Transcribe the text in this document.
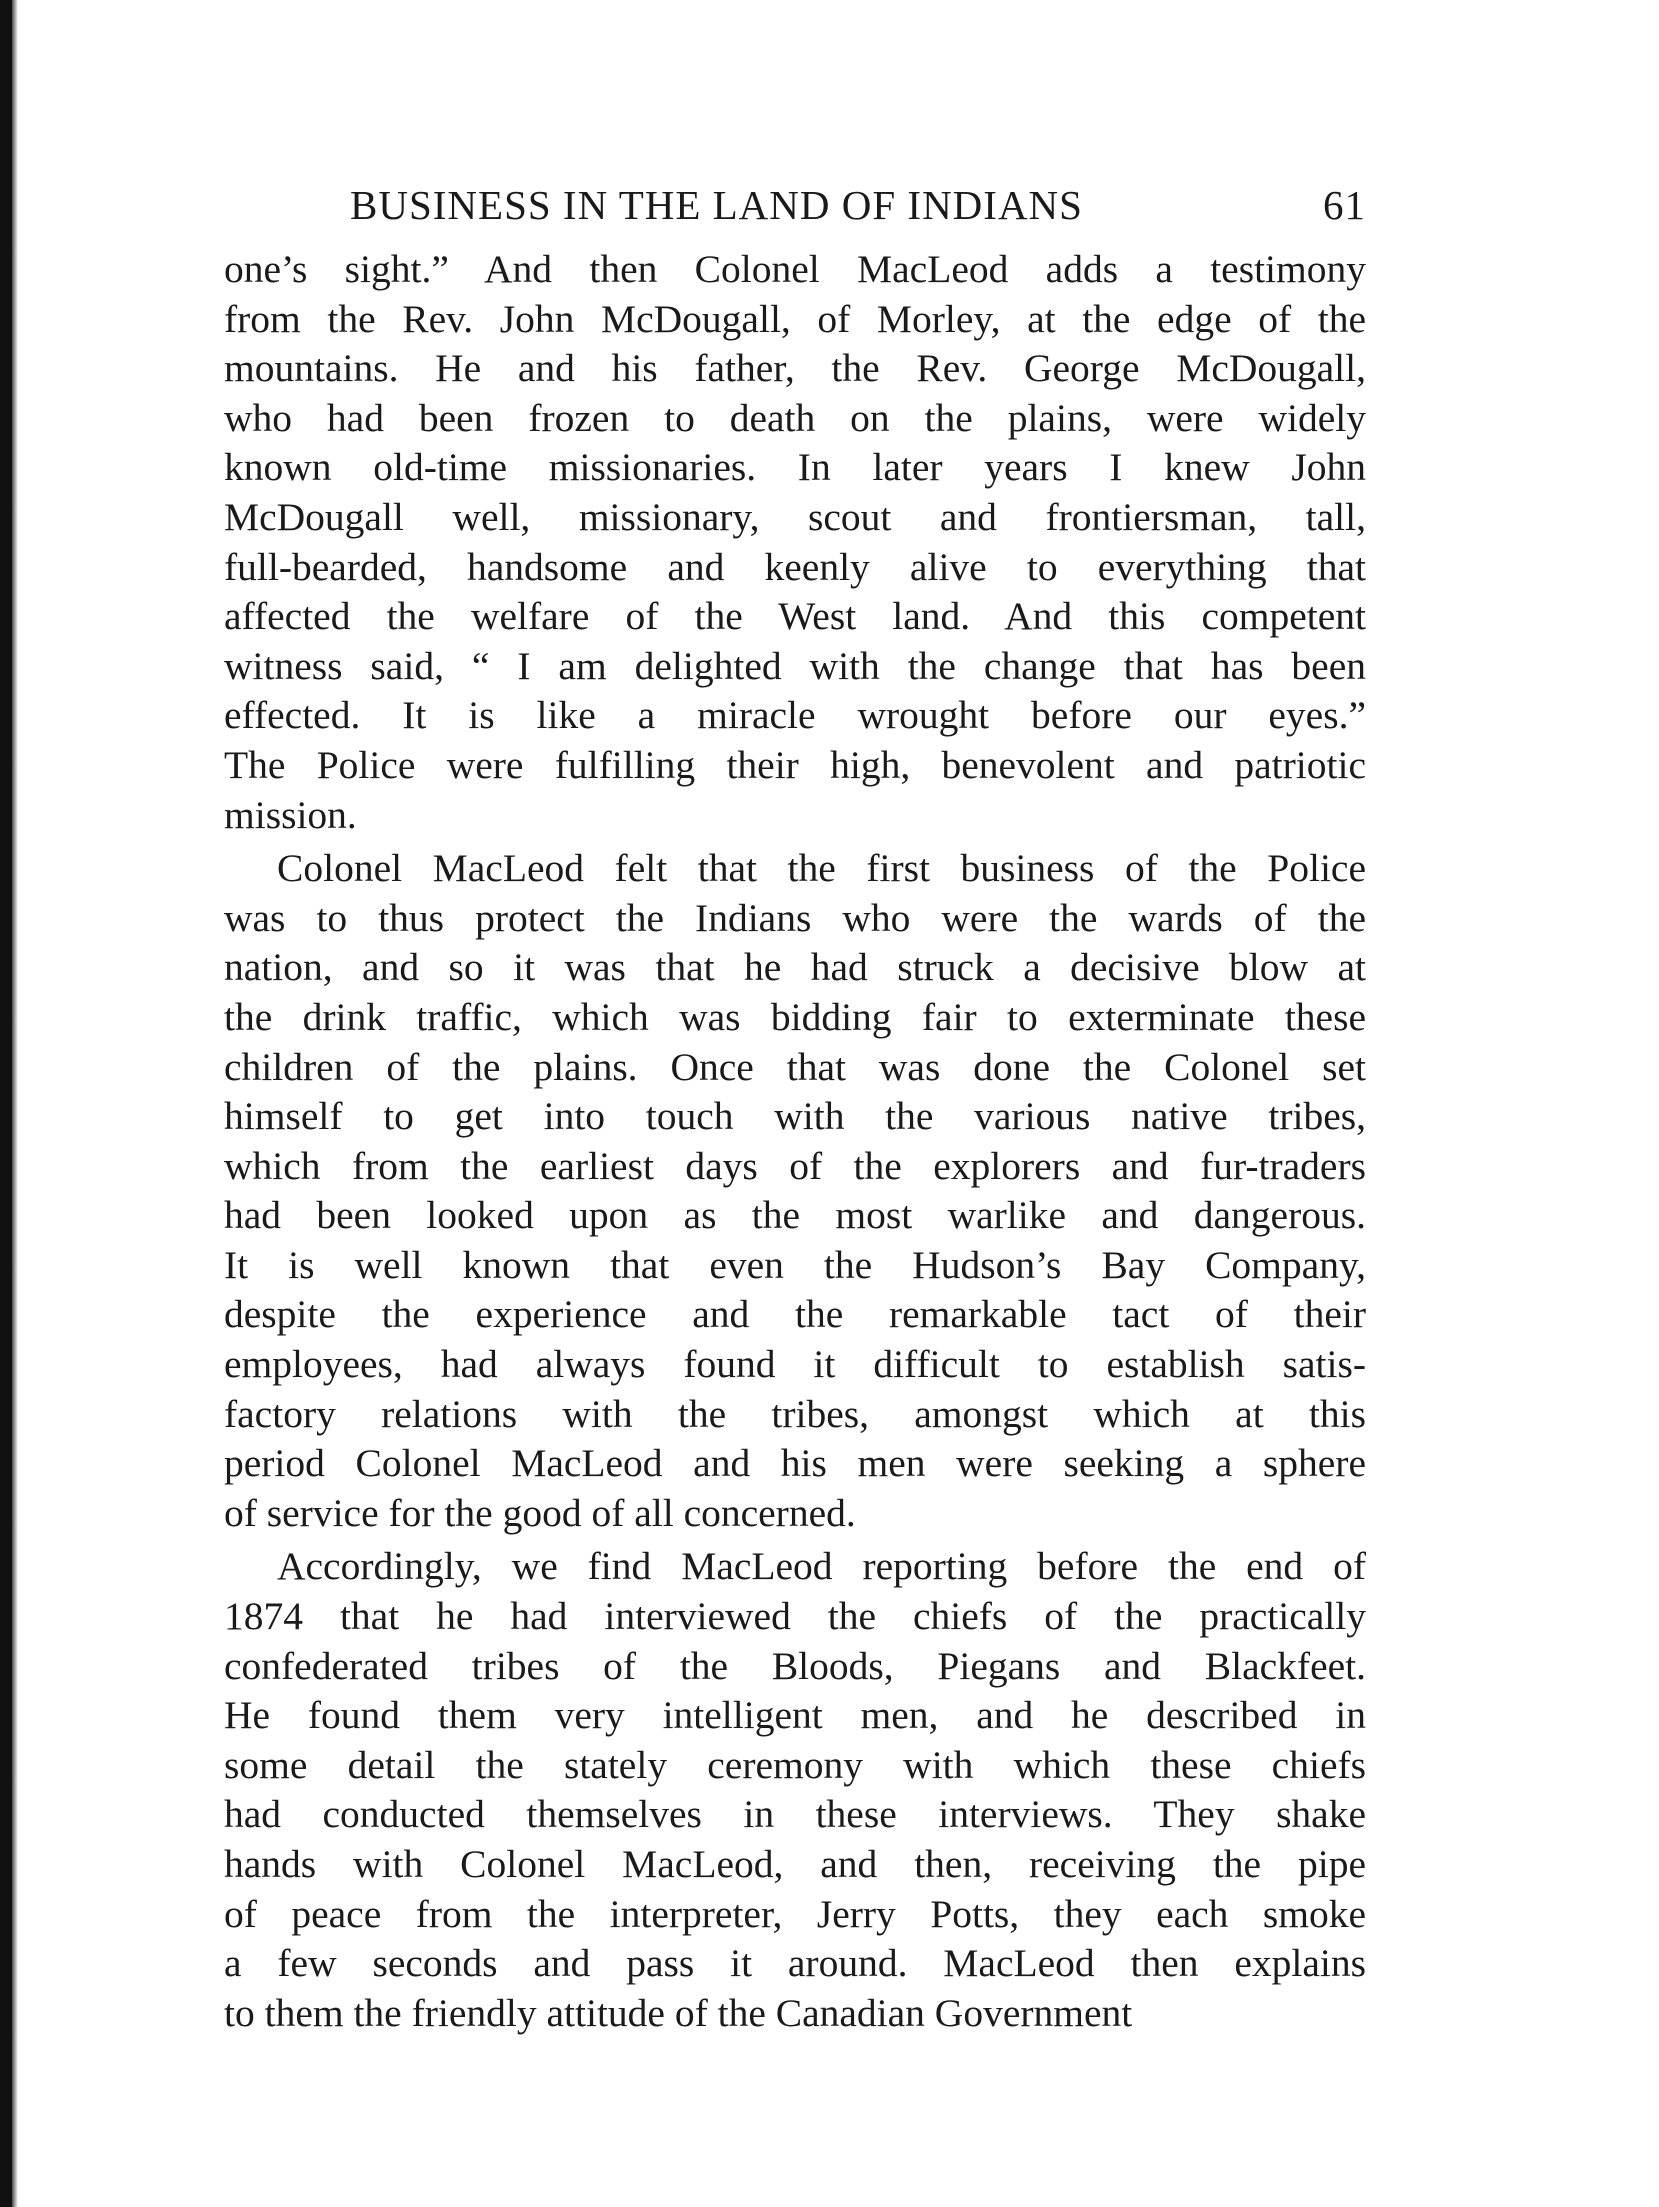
BUSINESS IN THE LAND OF INDIANS	61
one’s sight.” And then Colonel MacLeod adds a testimony
from the Rev. John McDougall, of Morley, at the edge of the
mountains. He and his father, the Rev. George McDougall,
who had been frozen to death on the plains, were widely
known old-time missionaries. In later years I knew John
McDougall well, missionary, scout and frontiersman, tall,
full-bearded, handsome and keenly alive to everything that
affected the welfare of the West land. And this competent
witness said, “ I am delighted with the change that has been
effected. It is like a miracle wrought before our eyes.”
The Police were fulfilling their high, benevolent and patriotic
mission.
Colonel MacLeod felt that the first business of the Police
was to thus protect the Indians who were the wards of the
nation, and so it was that he had struck a decisive blow at
the drink traffic, which was bidding fair to exterminate these
children of the plains. Once that was done the Colonel set
himself to get into touch with the various native tribes,
which from the earliest days of the explorers and fur-traders
had been looked upon as the most warlike and dangerous.
It is well known that even the Hudson’s Bay Company,
despite the experience and the remarkable tact of their
employees, had always found it difficult to establish satis-
factory relations with the tribes, amongst which at this
period Colonel MacLeod and his men were seeking a sphere
of service for the good of all concerned.
Accordingly, we find MacLeod reporting before the end of
1874 that he had interviewed the chiefs of the practically
confederated tribes of the Bloods, Piegans and Blackfeet.
He found them very intelligent men, and he described in
some detail the stately ceremony with which these chiefs
had conducted themselves in these interviews. They shake
hands with Colonel MacLeod, and then, receiving the pipe
of peace from the interpreter, Jerry Potts, they each smoke
a few seconds and pass it around. MacLeod then explains
to them the friendly attitude of the Canadian Government
